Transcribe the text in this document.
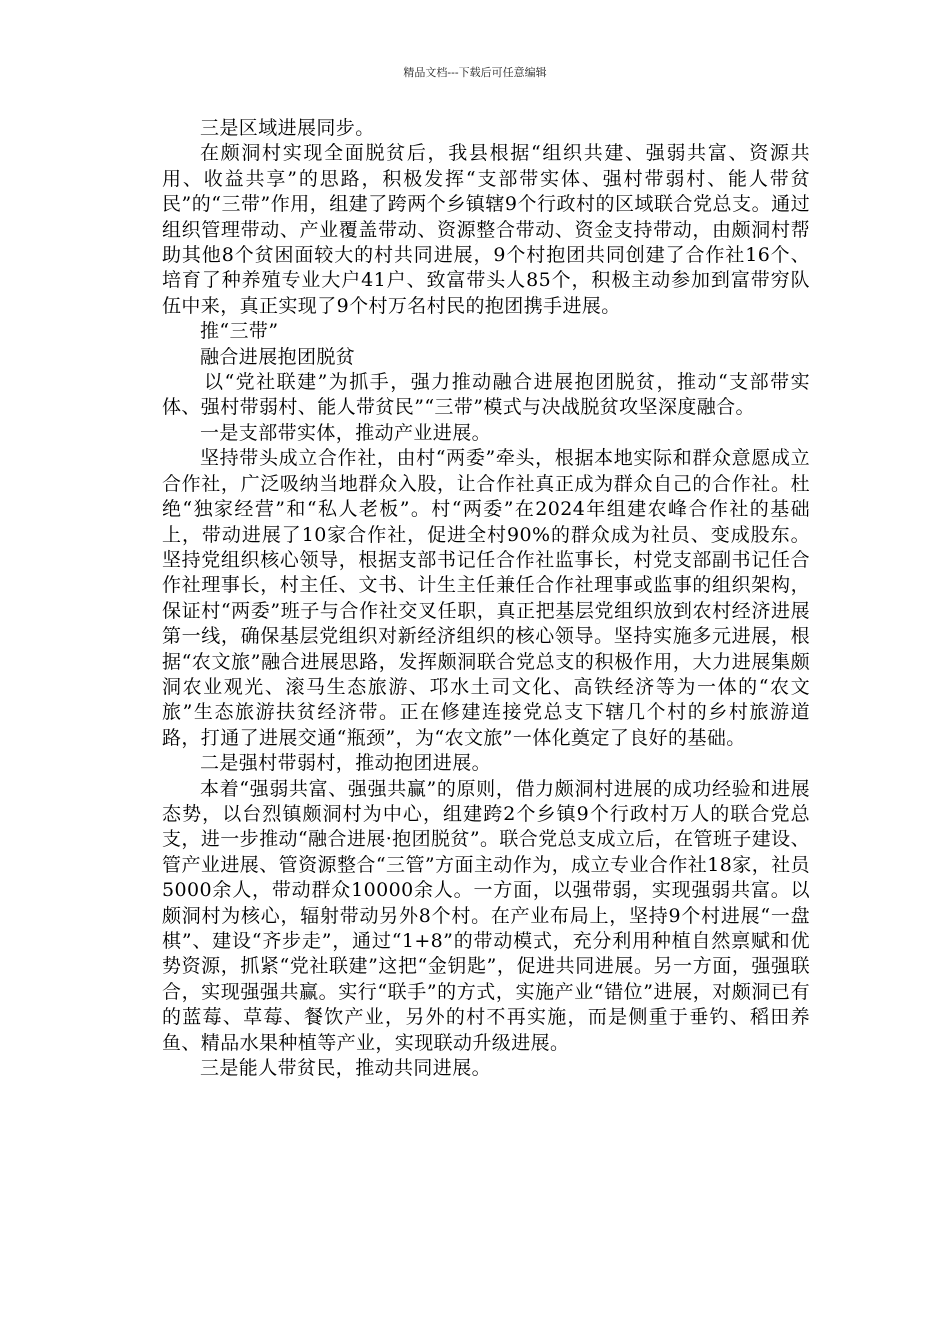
精品文档---下载后可任意编辑

三是区域进展同步。

在颇洞村实现全面脱贫后，我县根据“组织共建、强弱共富、资源共用、收益共享”的思路，积极发挥“支部带实体、强村带弱村、能人带贫民”的“三带”作用，组建了跨两个乡镇辖9个行政村的区域联合党总支。通过组织管理带动、产业覆盖带动、资源整合带动、资金支持带动，由颇洞村帮助其他8个贫困面较大的村共同进展，9个村抱团共同创建了合作社16个、培育了种养殖专业大户41户、致富带头人85个，积极主动参加到富带穷队伍中来，真正实现了9个村万名村民的抱团携手进展。

推“三带”

融合进展抱团脱贫

以“党社联建”为抓手，强力推动融合进展抱团脱贫，推动“支部带实体、强村带弱村、能人带贫民”“三带”模式与决战脱贫攻坚深度融合。

一是支部带实体，推动产业进展。

坚持带头成立合作社，由村“两委”牵头，根据本地实际和群众意愿成立合作社，广泛吸纳当地群众入股，让合作社真正成为群众自己的合作社。杜绝“独家经营”和“私人老板”。村“两委”在2024年组建农峰合作社的基础上，带动进展了10家合作社，促进全村90%的群众成为社员、变成股东。坚持党组织核心领导，根据支部书记任合作社监事长，村党支部副书记任合作社理事长，村主任、文书、计生主任兼任合作社理事或监事的组织架构，保证村“两委”班子与合作社交叉任职，真正把基层党组织放到农村经济进展第一线，确保基层党组织对新经济组织的核心领导。坚持实施多元进展，根据“农文旅”融合进展思路，发挥颇洞联合党总支的积极作用，大力进展集颇洞农业观光、滚马生态旅游、邛水土司文化、高铁经济等为一体的“农文旅”生态旅游扶贫经济带。正在修建连接党总支下辖几个村的乡村旅游道路，打通了进展交通“瓶颈”，为“农文旅”一体化奠定了良好的基础。

二是强村带弱村，推动抱团进展。

本着“强弱共富、强强共赢”的原则，借力颇洞村进展的成功经验和进展态势，以台烈镇颇洞村为中心，组建跨2个乡镇9个行政村万人的联合党总支，进一步推动“融合进展·抱团脱贫”。联合党总支成立后，在管班子建设、管产业进展、管资源整合“三管”方面主动作为，成立专业合作社18家，社员5000余人，带动群众10000余人。一方面，以强带弱，实现强弱共富。以颇洞村为核心，辐射带动另外8个村。在产业布局上，坚持9个村进展“一盘棋”、建设“齐步走”，通过“1+8”的带动模式，充分利用种植自然禀赋和优势资源，抓紧“党社联建”这把“金钥匙”，促进共同进展。另一方面，强强联合，实现强强共赢。实行“联手”的方式，实施产业“错位”进展，对颇洞已有的蓝莓、草莓、餐饮产业，另外的村不再实施，而是侧重于垂钓、稻田养鱼、精品水果种植等产业，实现联动升级进展。

三是能人带贫民，推动共同进展。
